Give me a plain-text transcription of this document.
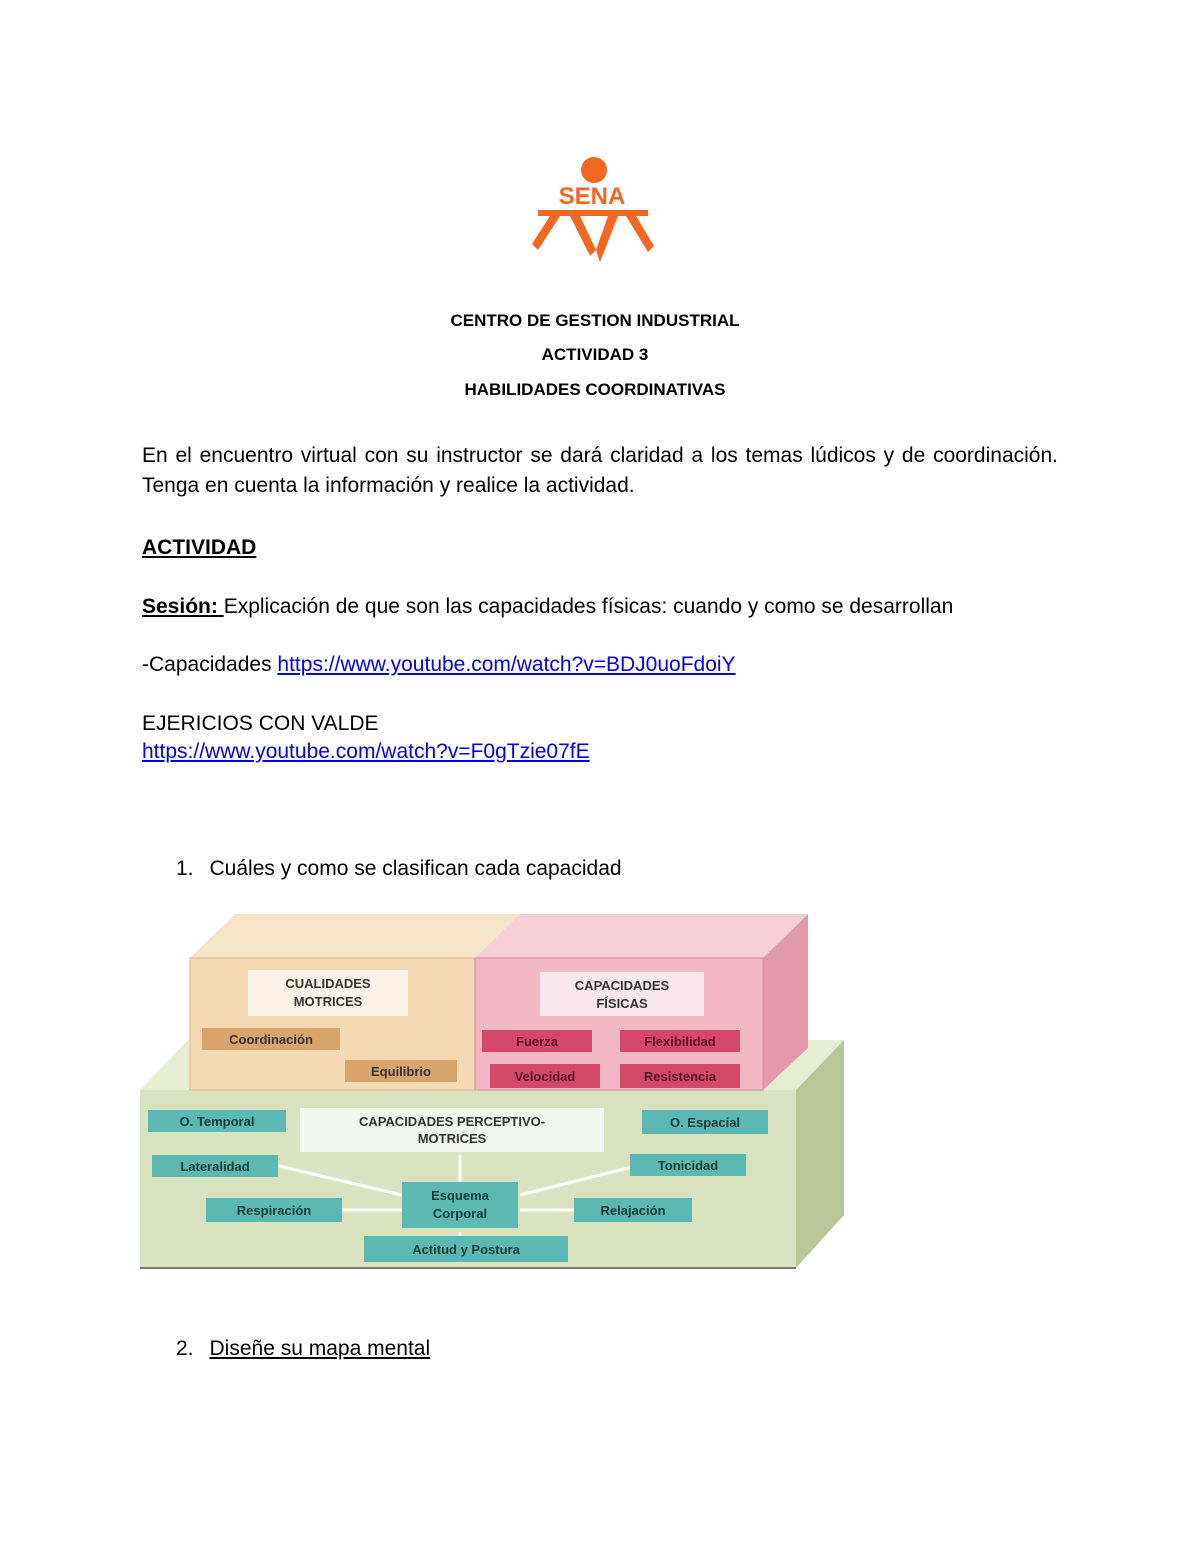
SENA
CENTRO DE GESTION INDUSTRIAL
ACTIVIDAD 3
HABILIDADES COORDINATIVAS

En el encuentro virtual con su instructor se dará claridad a los temas lúdicos y de coordinación. Tenga en cuenta la información y realice la actividad.

ACTIVIDAD
Sesión: Explicación de que son las capacidades físicas: cuando y como se desarrollan
-Capacidades https://www.youtube.com/watch?v=BDJ0uoFdoiY
EJERICIOS CON VALDE
https://www.youtube.com/watch?v=F0gTzie07fE
1. Cuáles y como se clasifican cada capacidad
CUALIDADES
MOTRICES
Coordinación
Equilibrio
CAPACIDADES
FÍSICAS
Fuerza	Flexibilidad
Velocidad	Resistencia
CAPACIDADES PERCEPTIVO-
MOTRICES
O. Temporal	O. Espacial
Lateralidad	Tonicidad
Respiración	Relajación
Esquema
Corporal
Actitud y Postura
2. Diseñe su mapa mental
